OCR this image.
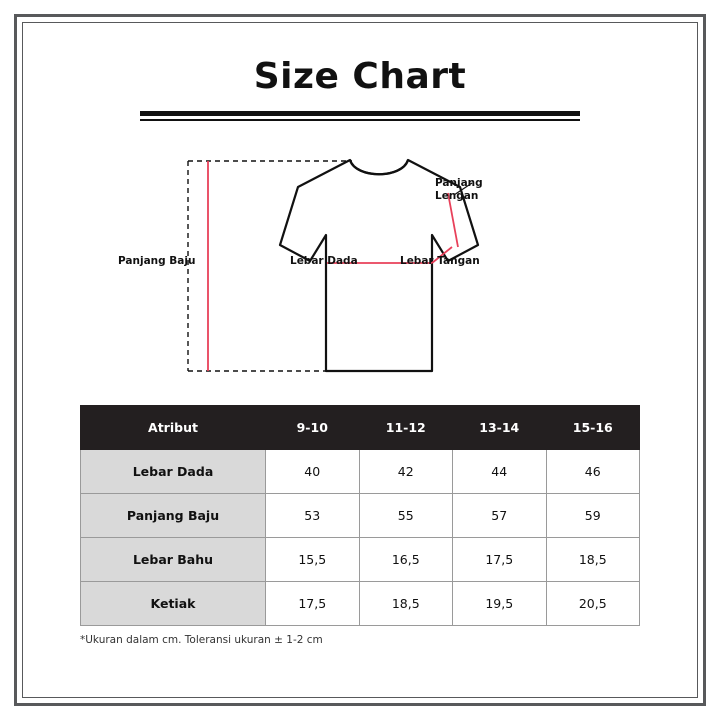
Size Chart
Panjang Baju	Lebar Dada
Panjang Lengan
Lebar Tangan
Atribut	9-10	11-12	13-14	15-16
Lebar Dada	40	42	44	46
Panjang Baju	53	55	57	59
Lebar Bahu	15,5	16,5	17,5	18,5
Ketiak	17,5	18,5	19,5	20,5
*Ukuran dalam cm. Toleransi ukuran ± 1-2 cm
